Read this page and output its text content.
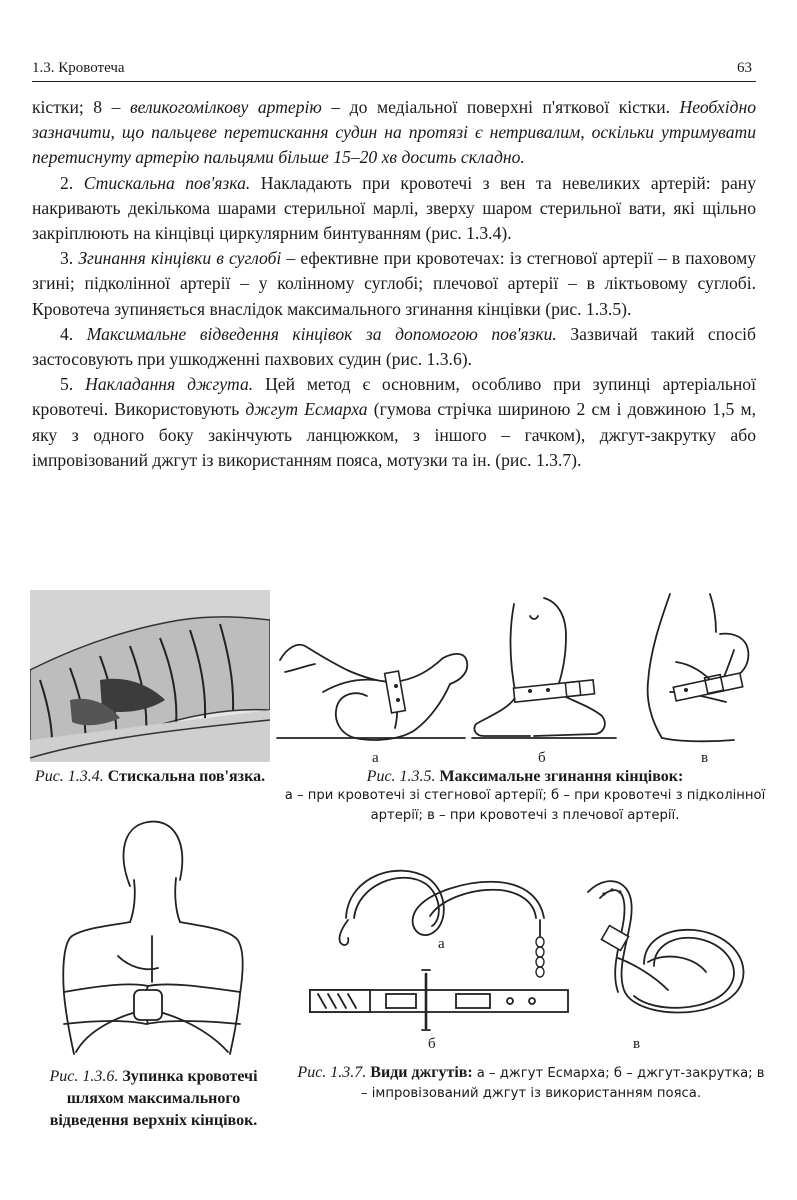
1.3. Кровотеча	63

кістки; 8 – великогомілкову артерію – до медіальної поверхні п'яткової кістки. Необхідно зазначити, що пальцеве перетискання судин на протязі є нетривалим, оскільки утримувати перетиснуту артерію пальцями більше 15–20 хв досить складно.

2. Стискальна пов'язка. Накладають при кровотечі з вен та невеликих артерій: рану накривають декількома шарами стерильної марлі, зверху шаром стерильної вати, які щільно закріплюють на кінцівці циркулярним бинтуванням (рис. 1.3.4).

3. Згинання кінцівки в суглобі – ефективне при кровотечах: із стегнової артерії – в паховому згині; підколінної артерії – у колінному суглобі; плечової артерії – в ліктьовому суглобі. Кровотеча зупиняється внаслідок максимального згинання кінцівки (рис. 1.3.5).

4. Максимальне відведення кінцівок за допомогою пов'язки. Зазвичай такий спосіб застосовують при ушкодженні пахвових судин (рис. 1.3.6).

5. Накладання джгута. Цей метод є основним, особливо при зупинці артеріальної кровотечі. Використовують джгут Есмарха (гумова стрічка шириною 2 см і довжиною 1,5 м, яку з одного боку закінчують ланцюжком, з іншого – гачком), джгут-закрутку або імпровізований джгут із використанням пояса, мотузки та ін. (рис. 1.3.7).

Рис. 1.3.4. Стискальна пов'язка.
а	б	в
Рис. 1.3.5. Максимальне згинання кінцівок:
а – при кровотечі зі стегнової артерії; б – при кровотечі з підколінної артерії; в – при кровотечі з плечової артерії.
Рис. 1.3.6. Зупинка кровотечі шляхом максимального відведення верхніх кінцівок.
а
б	в
Рис. 1.3.7. Види джгутів: а – джгут Есмарха; б – джгут-закрутка; в – імпровізований джгут із використанням пояса.
